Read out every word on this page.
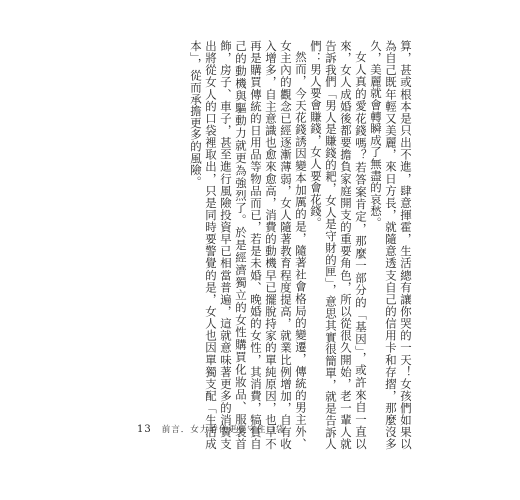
算，甚或根本是只出不進，肆意揮霍，生活總有讓你哭的一天！女孩們如果以為自己既年輕又美麗，來日方長，就隨意透支自己的信用卡和存摺，那麼沒多久，美麗就會轉瞬成了無盡的哀愁。

女人真的愛花錢嗎？若答案肯定，那麼一部分的「基因」，或許來自一直以來，女人成婚後都要擔負家庭開支的重要角色，所以從很久開始，老一輩人就告訴我們「男人是賺錢的耙，女人是守財的匣」，意思其實很簡單，就是告訴人們：男人要會賺錢，女人要會花錢。

然而，今天花錢誘因變本加厲的是，隨著社會格局的變遷，傳統的男主外、女主內的觀念已經逐漸薄弱，女人隨著教育程度提高，就業比例增加，自有收入增多，自主意識也愈來愈高，消費的動機早已擺脫持家的單純原因，也早不再是購買傳統的日用品等物品而已，若是未婚、晚婚的女性，其消費，犒賞自己的動機與驅動力就更為強烈了。於是經濟獨立的女性購買化妝品、服裝首飾，房子、車子，甚至進行風險投資早已相當普遍，這就意味著更多的消費支出將從女人的口袋裡取出，只是同時要警覺的是，女人也因單獨支配「生活成本」，從而承擔更多的風險。

13 前言．女力時代更要守住口袋
